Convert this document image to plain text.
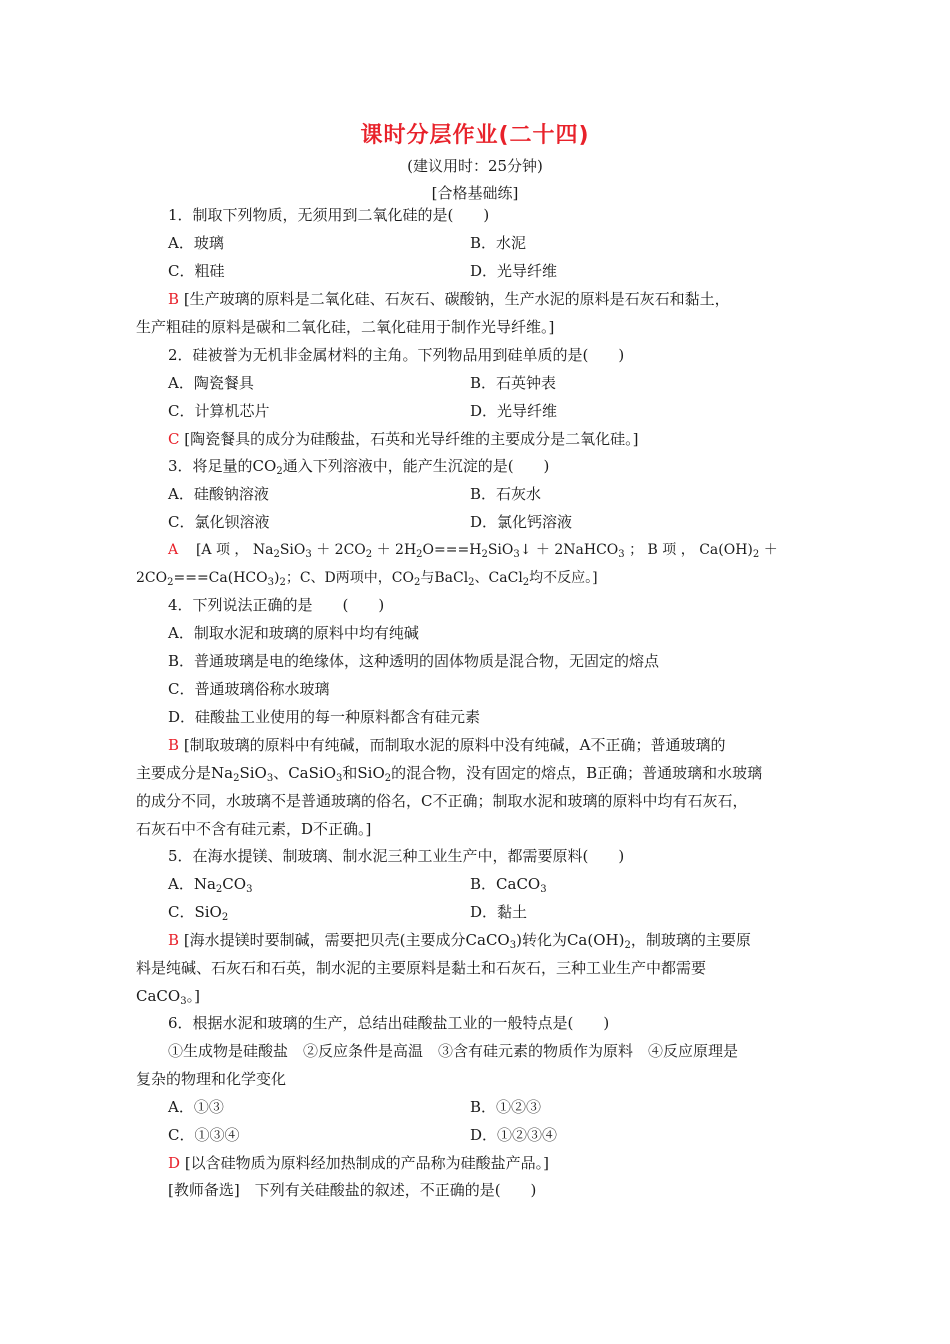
课时分层作业(二十四)
(建议用时：25分钟)
[合格基础练]
1．制取下列物质，无须用到二氧化硅的是(　　)
A．玻璃	B．水泥
C．粗硅	D．光导纤维
B [生产玻璃的原料是二氧化硅、石灰石、碳酸钠，生产水泥的原料是石灰石和黏土，
生产粗硅的原料是碳和二氧化硅，二氧化硅用于制作光导纤维。]
2．硅被誉为无机非金属材料的主角。下列物品用到硅单质的是(　　)
A．陶瓷餐具	B．石英钟表
C．计算机芯片	D．光导纤维
C [陶瓷餐具的成分为硅酸盐，石英和光导纤维的主要成分是二氧化硅。]
3．将足量的$CO_2$通入下列溶液中，能产生沉淀的是(　　)
A．硅酸钠溶液	B．石灰水
C．氯化钡溶液	D．氯化钙溶液
A [A 项 ， $Na_2SiO_3 + 2CO_2$ ＋ $2H_2O===H_2SiO_3↓$ ＋ 2NaHCO$_3$ ； B 项 ， $Ca(OH)_2$ ＋
$2CO_2===Ca(HCO_3)_2$；C、D两项中，$CO_2$与BaCl$_2$、CaCl$_2$均不反应。]
4．下列说法正确的是　　(　　)
A．制取水泥和玻璃的原料中均有纯碱
B．普通玻璃是电的绝缘体，这种透明的固体物质是混合物，无固定的熔点
C．普通玻璃俗称水玻璃
D．硅酸盐工业使用的每一种原料都含有硅元素
B [制取玻璃的原料中有纯碱，而制取水泥的原料中没有纯碱，A不正确；普通玻璃的
主要成分是$Na_2SiO_3$、CaSiO$_3$和SiO$_2$的混合物，没有固定的熔点，B正确；普通玻璃和水玻璃
的成分不同，水玻璃不是普通玻璃的俗名，C不正确；制取水泥和玻璃的原料中均有石灰石，
石灰石中不含有硅元素，D不正确。]
5．在海水提镁、制玻璃、制水泥三种工业生产中，都需要原料(　　)
A．$Na_2CO_3$	B．CaCO$_3$
C．SiO$_2$	D．黏土
B [海水提镁时要制碱，需要把贝壳(主要成分CaCO$_3$)转化为$Ca(OH)_2$，制玻璃的主要原
料是纯碱、石灰石和石英，制水泥的主要原料是黏土和石灰石，三种工业生产中都需要
CaCO$_3$。]
6．根据水泥和玻璃的生产，总结出硅酸盐工业的一般特点是(　　)
①生成物是硅酸盐　②反应条件是高温　③含有硅元素的物质作为原料　④反应原理是
复杂的物理和化学变化
A．①③	B．①②③
C．①③④	D．①②③④
D [以含硅物质为原料经加热制成的产品称为硅酸盐产品。]
[教师备选]　下列有关硅酸盐的叙述，不正确的是(　　)
